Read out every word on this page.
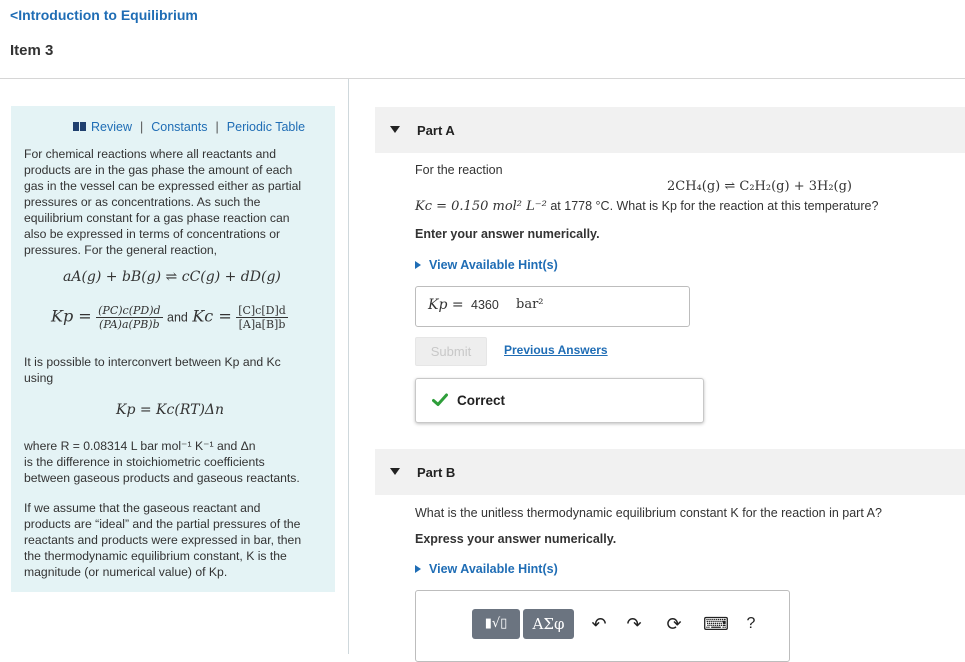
<Introduction to Equilibrium
Item 3
Review | Constants | Periodic Table
For chemical reactions where all reactants and
products are in the gas phase the amount of each
gas in the vessel can be expressed either as partial
pressures or as concentrations. As such the
equilibrium constant for a gas phase reaction can
also be expressed in terms of concentrations or
pressures. For the general reaction,
aA(g) + bB(g) ⇌ cC(g) + dD(g)
$Kp = \frac{(PC)c(PD)d}{(PA)a(PB)b}$ and $Kc = \frac{[C]c[D]d}{[A]a[B]b}$
It is possible to interconvert between Kp and Kc
using
Kp = Kc(RT)Δn
where R = 0.08314 L bar mol⁻¹ K⁻¹ and Δn
is the difference in stoichiometric coefficients
between gaseous products and gaseous reactants.
If we assume that the gaseous reactant and
products are “ideal” and the partial pressures of the
reactants and products were expressed in bar, then
the thermodynamic equilibrium constant, K is the
magnitude (or numerical value) of Kp.
Part A
For the reaction
2CH₄(g) ⇌ C₂H₂(g) + 3H₂(g)
Kc = 0.150 mol² L⁻² at 1778 °C. What is Kp for the reaction at this temperature?
Enter your answer numerically.
View Available Hint(s)
Kp = 4360 bar²
Submit	Previous Answers
Correct
Part B
What is the unitless thermodynamic equilibrium constant K for the reaction in part A?
Express your answer numerically.
View Available Hint(s)
▮√▯	ΑΣφ	↶ ↷ ⟳ ⌨	?
